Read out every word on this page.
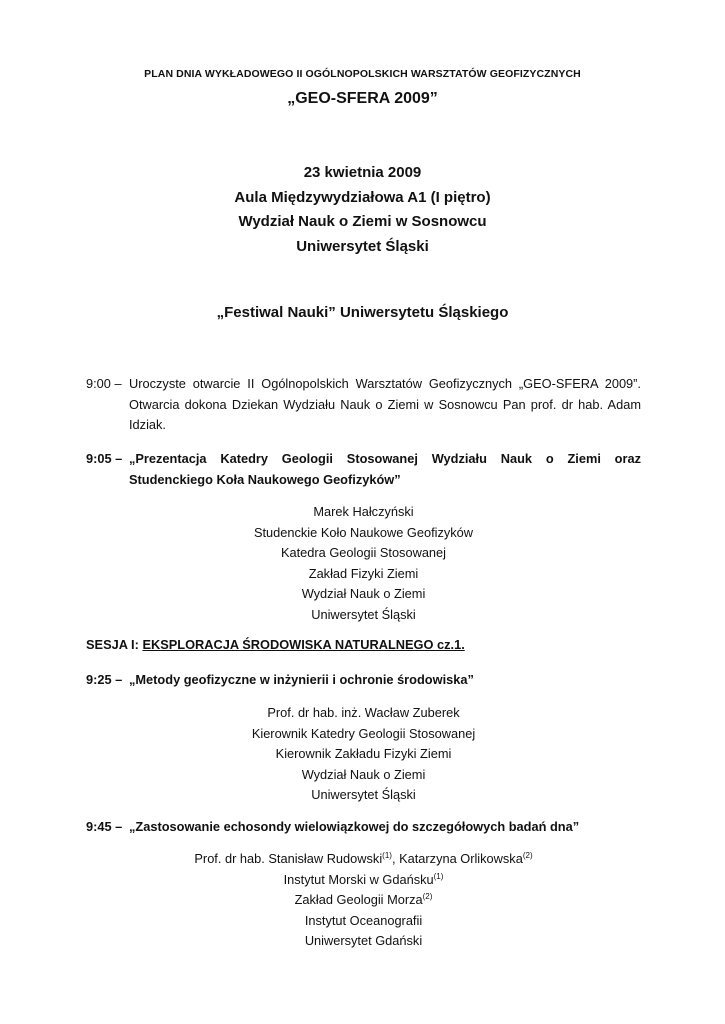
PLAN DNIA WYKŁADOWEGO II OGÓLNOPOLSKICH WARSZTATÓW GEOFIZYCZNYCH
„GEO-SFERA 2009”
23 kwietnia 2009
Aula Międzywydziałowa A1 (I piętro)
Wydział Nauk o Ziemi w Sosnowcu
Uniwersytet Śląski
„Festiwal Nauki” Uniwersytetu Śląskiego
9:00 – Uroczyste otwarcie II Ogólnopolskich Warsztatów Geofizycznych „GEO-SFERA 2009”. Otwarcia dokona Dziekan Wydziału Nauk o Ziemi w Sosnowcu Pan prof. dr hab. Adam Idziak.
9:05 – „Prezentacja Katedry Geologii Stosowanej Wydziału Nauk o Ziemi oraz Studenckiego Koła Naukowego Geofizyków”
Marek Hałczyński
Studenckie Koło Naukowe Geofizyków
Katedra Geologii Stosowanej
Zakład Fizyki Ziemi
Wydział Nauk o Ziemi
Uniwersytet Śląski
SESJA I: EKSPLORACJA ŚRODOWISKA NATURALNEGO cz.1.
9:25 – „Metody geofizyczne w inżynierii i ochronie środowiska”
Prof. dr hab. inż. Wacław Zuberek
Kierownik Katedry Geologii Stosowanej
Kierownik Zakładu Fizyki Ziemi
Wydział Nauk o Ziemi
Uniwersytet Śląski
9:45 – „Zastosowanie echosondy wielowiązkowej do szczegółowych badań dna”
Prof. dr hab. Stanisław Rudowski$^{(1)}$, Katarzyna Orlikowska$^{(2)}$
Instytut Morski w Gdańsku$^{(1)}$
Zakład Geologii Morza$^{(2)}$
Instytut Oceanografii
Uniwersytet Gdański
